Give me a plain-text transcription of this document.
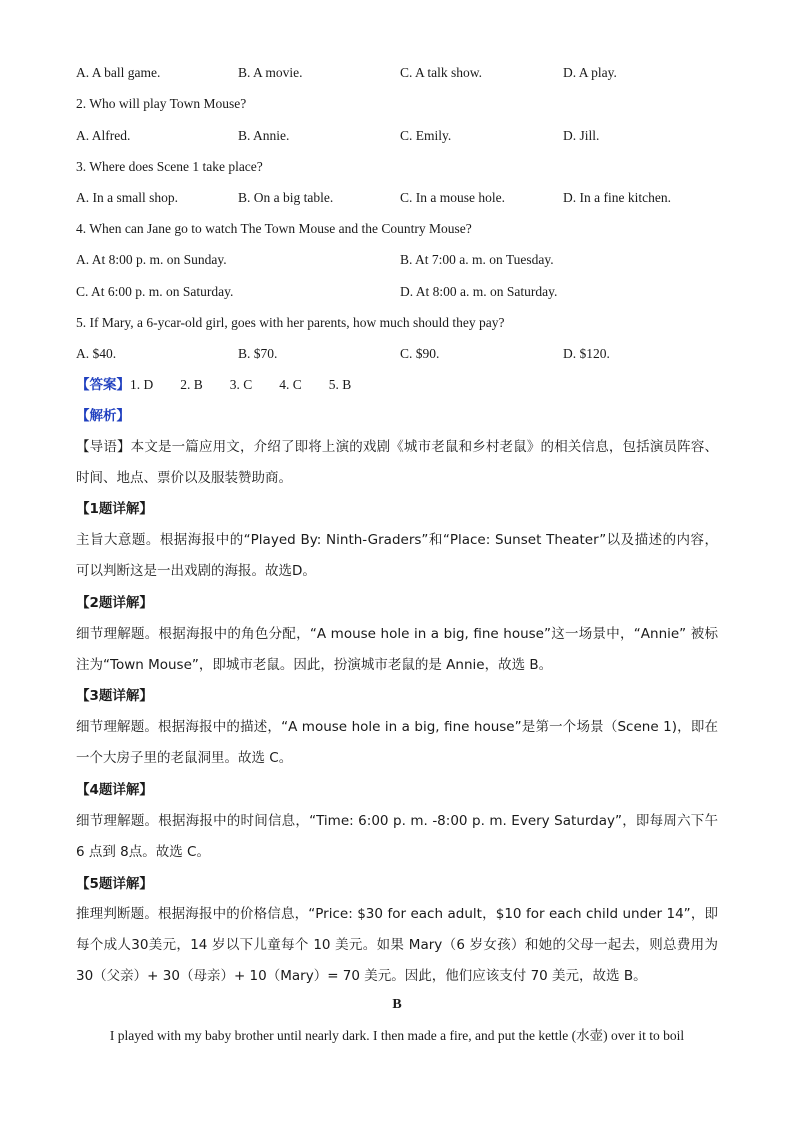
A. A ball game.	B. A movie.	C. A talk show.	D. A play.
2. Who will play Town Mouse?
A. Alfred.	B. Annie.	C. Emily.	D. Jill.
3. Where does Scene 1 take place?
A. In a small shop.	B. On a big table.	C. In a mouse hole.	D. In a fine kitchen.
4. When can Jane go to watch The Town Mouse and the Country Mouse?
A. At 8:00 p. m. on Sunday.	B. At 7:00 a. m. on Tuesday.
C. At 6:00 p. m. on Saturday.	D. At 8:00 a. m. on Saturday.
5. If Mary, a 6-ycar-old girl, goes with her parents, how much should they pay?
A. $40.	B. $70.	C. $90.	D. $120.
【答案】1. D　　2. B　　3. C　　4. C　　5. B
【解析】
【导语】本文是一篇应用文，介绍了即将上演的戏剧《城市老鼠和乡村老鼠》的相关信息，包括演员阵容、时间、地点、票价以及服装赞助商。
【1题详解】
主旨大意题。根据海报中的“Played By: Ninth-Graders”和“Place: Sunset Theater”以及描述的内容，可以判断这是一出戏剧的海报。故选D。
【2题详解】
细节理解题。根据海报中的角色分配，“A mouse hole in a big, fine house”这一场景中，“Annie” 被标注为“Town Mouse”，即城市老鼠。因此，扮演城市老鼠的是 Annie，故选 B。
【3题详解】
细节理解题。根据海报中的描述，“A mouse hole in a big, fine house”是第一个场景（Scene 1)，即在一个大房子里的老鼠洞里。故选 C。
【4题详解】
细节理解题。根据海报中的时间信息，“Time: 6:00 p. m. -8:00 p. m. Every Saturday”，即每周六下午 6 点到 8点。故选 C。
【5题详解】
推理判断题。根据海报中的价格信息，“Price: $30 for each adult，$10 for each child under 14”，即每个成人30美元，14 岁以下儿童每个 10 美元。如果 Mary（6 岁女孩）和她的父母一起去，则总费用为 30（父亲）+ 30（母亲）+ 10（Mary）= 70 美元。因此，他们应该支付 70 美元，故选 B。
B
I played with my baby brother until nearly dark. I then made a fire, and put the kettle (水壶) over it to boil
